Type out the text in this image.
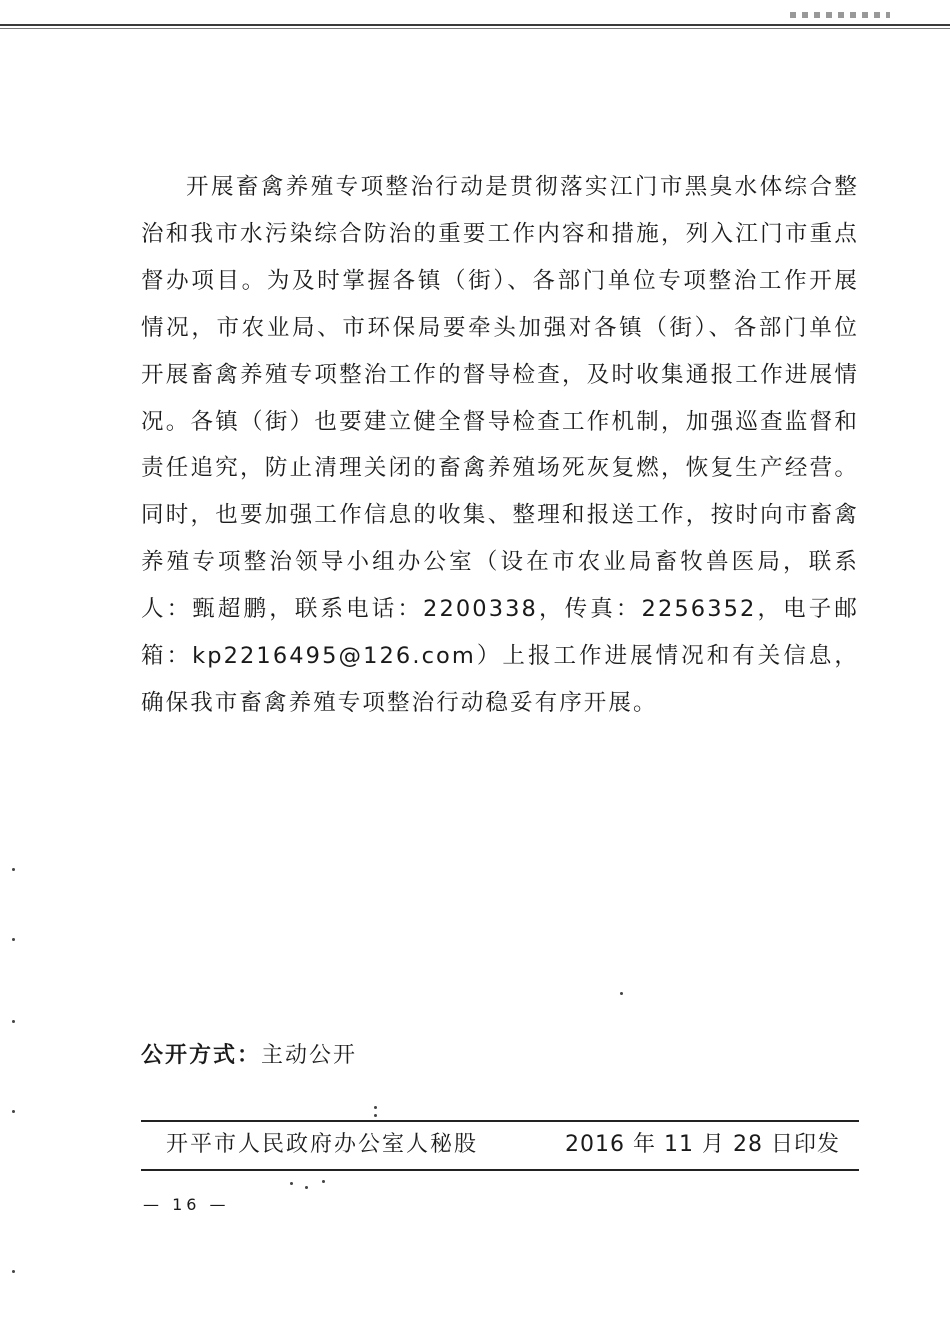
开展畜禽养殖专项整治行动是贯彻落实江门市黑臭水体综合整治和我市水污染综合防治的重要工作内容和措施，列入江门市重点督办项目。为及时掌握各镇（街）、各部门单位专项整治工作开展情况，市农业局、市环保局要牵头加强对各镇（街）、各部门单位开展畜禽养殖专项整治工作的督导检查，及时收集通报工作进展情况。各镇（街）也要建立健全督导检查工作机制，加强巡查监督和责任追究，防止清理关闭的畜禽养殖场死灰复燃，恢复生产经营。同时，也要加强工作信息的收集、整理和报送工作，按时向市畜禽养殖专项整治领导小组办公室（设在市农业局畜牧兽医局，联系人：甄超鹏，联系电话：2200338，传真：2256352，电子邮箱：kp2216495@126.com）上报工作进展情况和有关信息，确保我市畜禽养殖专项整治行动稳妥有序开展。

公开方式：主动公开
开平市人民政府办公室人秘股	2016 年 11 月 28 日印发
— 16 —
